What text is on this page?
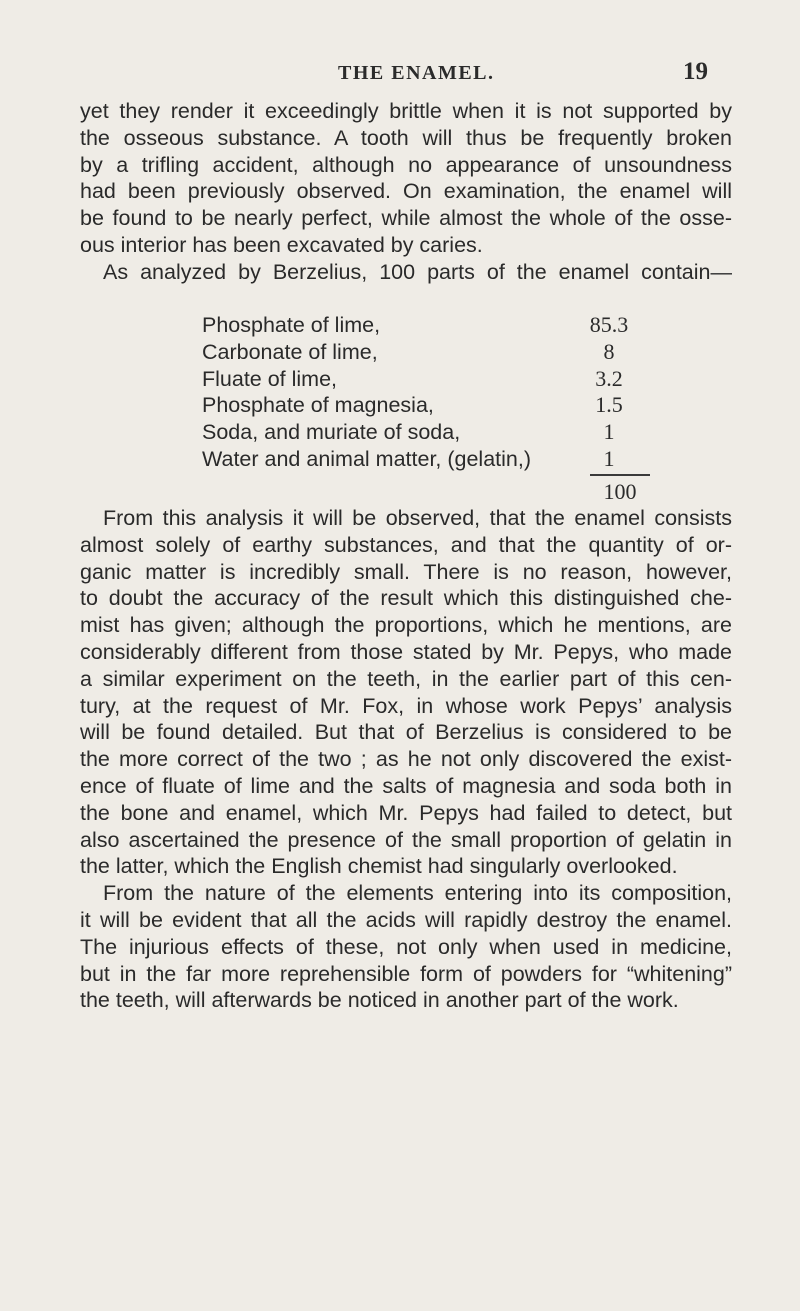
THE ENAMEL.	19
yet they render it exceedingly brittle when it is not supported by
the osseous substance. A tooth will thus be frequently broken
by a trifling accident, although no appearance of unsoundness
had been previously observed. On examination, the enamel will
be found to be nearly perfect, while almost the whole of the osse-
ous interior has been excavated by caries.
As analyzed by Berzelius, 100 parts of the enamel contain—
Phosphate of lime,	85.3
Carbonate of lime,	8
Fluate of lime,	3.2
Phosphate of magnesia,	1.5
Soda, and muriate of soda,	1
Water and animal matter, (gelatin,)	1
100
From this analysis it will be observed, that the enamel consists
almost solely of earthy substances, and that the quantity of or-
ganic matter is incredibly small. There is no reason, however,
to doubt the accuracy of the result which this distinguished che-
mist has given; although the proportions, which he mentions, are
considerably different from those stated by Mr. Pepys, who made
a similar experiment on the teeth, in the earlier part of this cen-
tury, at the request of Mr. Fox, in whose work Pepys’ analysis
will be found detailed. But that of Berzelius is considered to be
the more correct of the two ; as he not only discovered the exist-
ence of fluate of lime and the salts of magnesia and soda both in
the bone and enamel, which Mr. Pepys had failed to detect, but
also ascertained the presence of the small proportion of gelatin in
the latter, which the English chemist had singularly overlooked.
From the nature of the elements entering into its composition,
it will be evident that all the acids will rapidly destroy the enamel.
The injurious effects of these, not only when used in medicine,
but in the far more reprehensible form of powders for “whitening”
the teeth, will afterwards be noticed in another part of the work.
